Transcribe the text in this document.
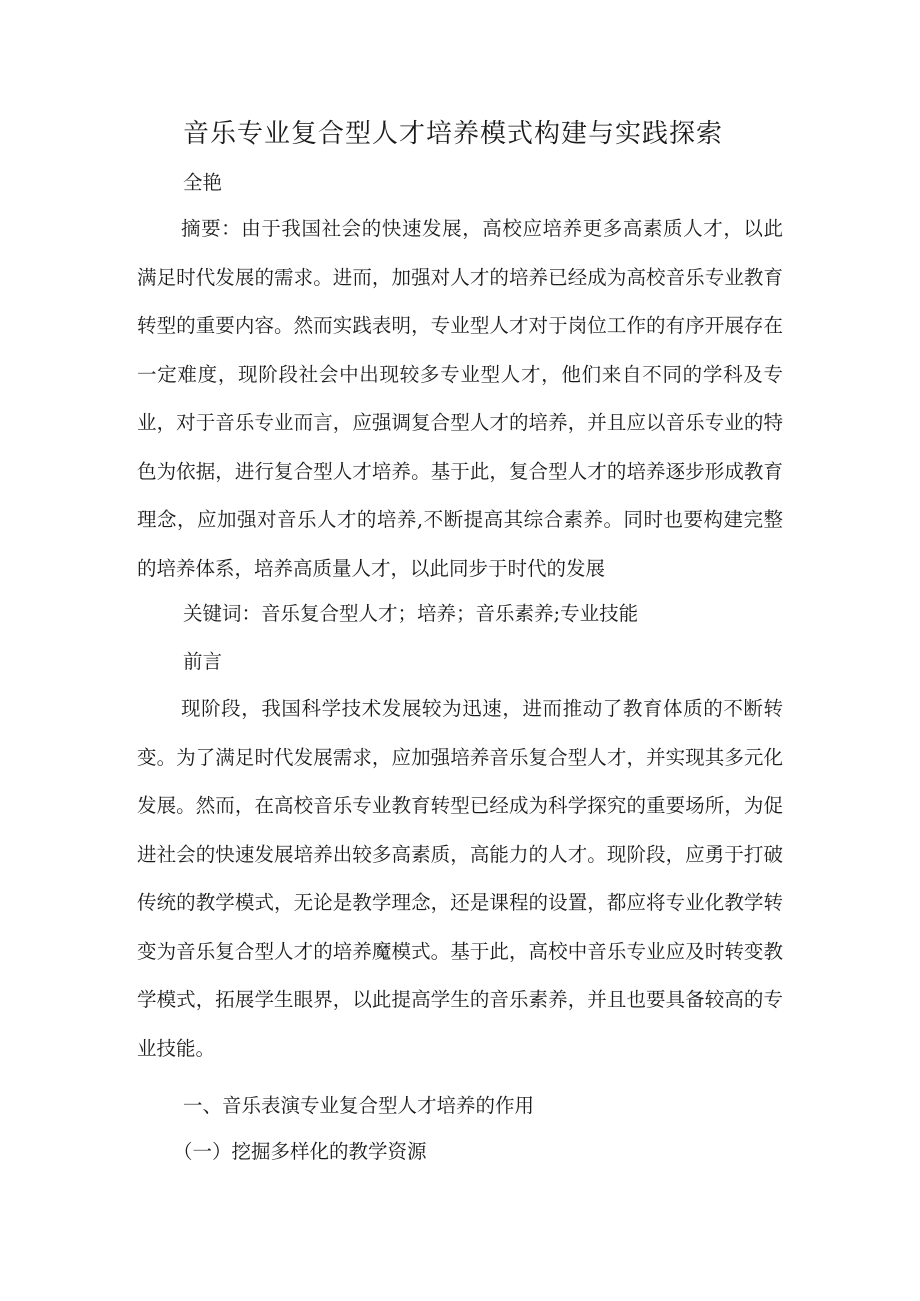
音乐专业复合型人才培养模式构建与实践探索
全艳

摘要：由于我国社会的快速发展，高校应培养更多高素质人才，以此满足时代发展的需求。进而，加强对人才的培养已经成为高校音乐专业教育转型的重要内容。然而实践表明，专业型人才对于岗位工作的有序开展存在一定难度，现阶段社会中出现较多专业型人才，他们来自不同的学科及专业，对于音乐专业而言，应强调复合型人才的培养，并且应以音乐专业的特色为依据，进行复合型人才培养。基于此，复合型人才的培养逐步形成教育理念，应加强对音乐人才的培养,不断提高其综合素养。同时也要构建完整的培养体系，培养高质量人才，以此同步于时代的发展

关键词：音乐复合型人才；培养；音乐素养;专业技能
前言

现阶段，我国科学技术发展较为迅速，进而推动了教育体质的不断转变。为了满足时代发展需求，应加强培养音乐复合型人才，并实现其多元化发展。然而，在高校音乐专业教育转型已经成为科学探究的重要场所，为促进社会的快速发展培养出较多高素质，高能力的人才。现阶段，应勇于打破传统的教学模式，无论是教学理念，还是课程的设置，都应将专业化教学转变为音乐复合型人才的培养魔模式。基于此，高校中音乐专业应及时转变教学模式，拓展学生眼界，以此提高学生的音乐素养，并且也要具备较高的专业技能。

一、音乐表演专业复合型人才培养的作用
（一）挖掘多样化的教学资源
